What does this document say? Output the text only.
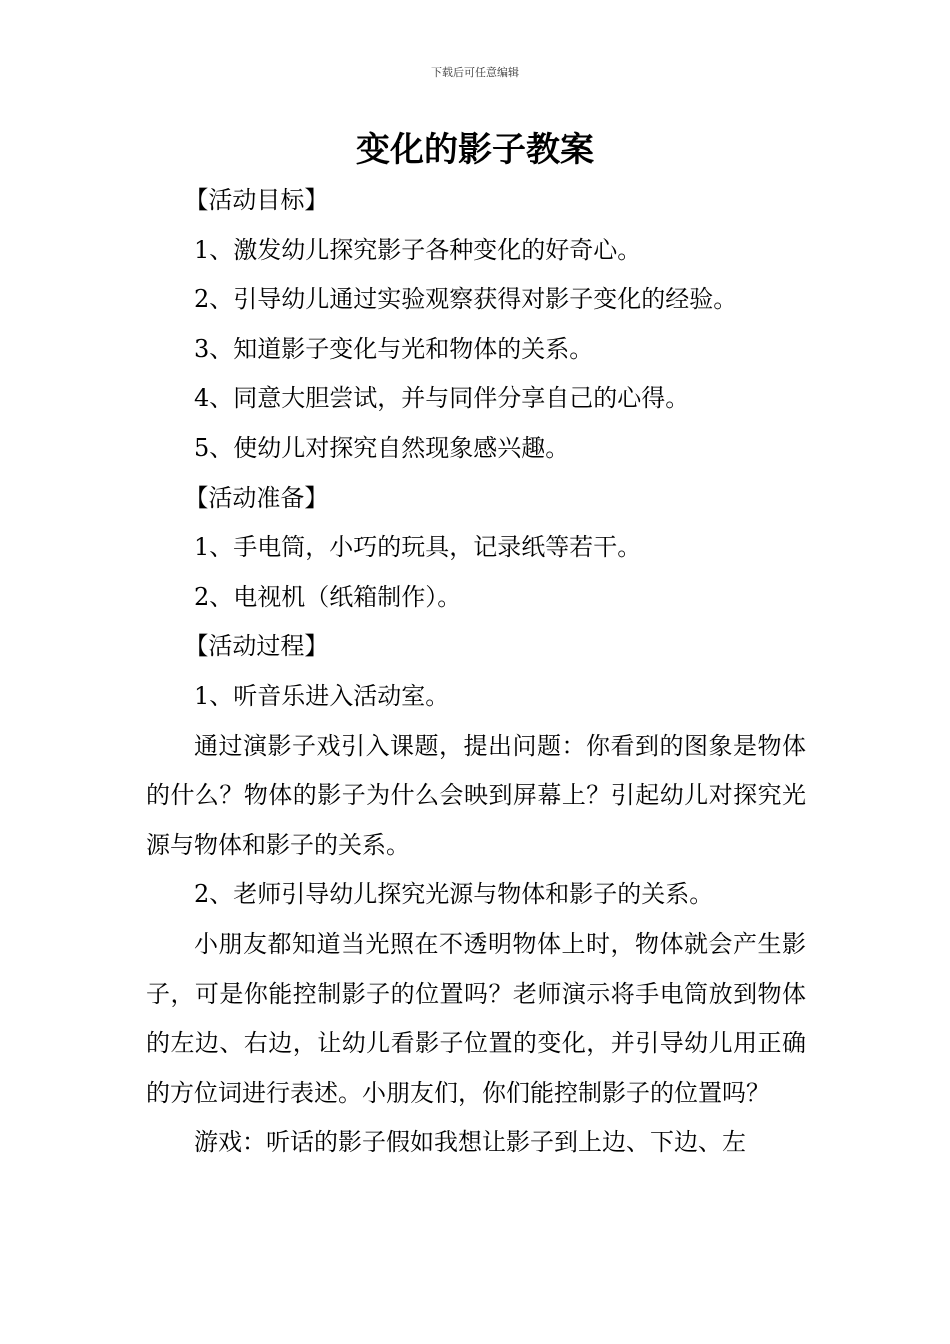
下载后可任意编辑
变化的影子教案

【活动目标】

1、激发幼儿探究影子各种变化的好奇心。

2、引导幼儿通过实验观察获得对影子变化的经验。

3、知道影子变化与光和物体的关系。

4、同意大胆尝试，并与同伴分享自己的心得。

5、使幼儿对探究自然现象感兴趣。

【活动准备】

1、手电筒，小巧的玩具，记录纸等若干。

2、电视机（纸箱制作）。

【活动过程】

1、听音乐进入活动室。

通过演影子戏引入课题，提出问题：你看到的图象是物体的什么？物体的影子为什么会映到屏幕上？引起幼儿对探究光源与物体和影子的关系。

2、老师引导幼儿探究光源与物体和影子的关系。

小朋友都知道当光照在不透明物体上时，物体就会产生影子，可是你能控制影子的位置吗？老师演示将手电筒放到物体的左边、右边，让幼儿看影子位置的变化，并引导幼儿用正确的方位词进行表述。小朋友们，你们能控制影子的位置吗？

游戏：听话的影子假如我想让影子到上边、下边、左
